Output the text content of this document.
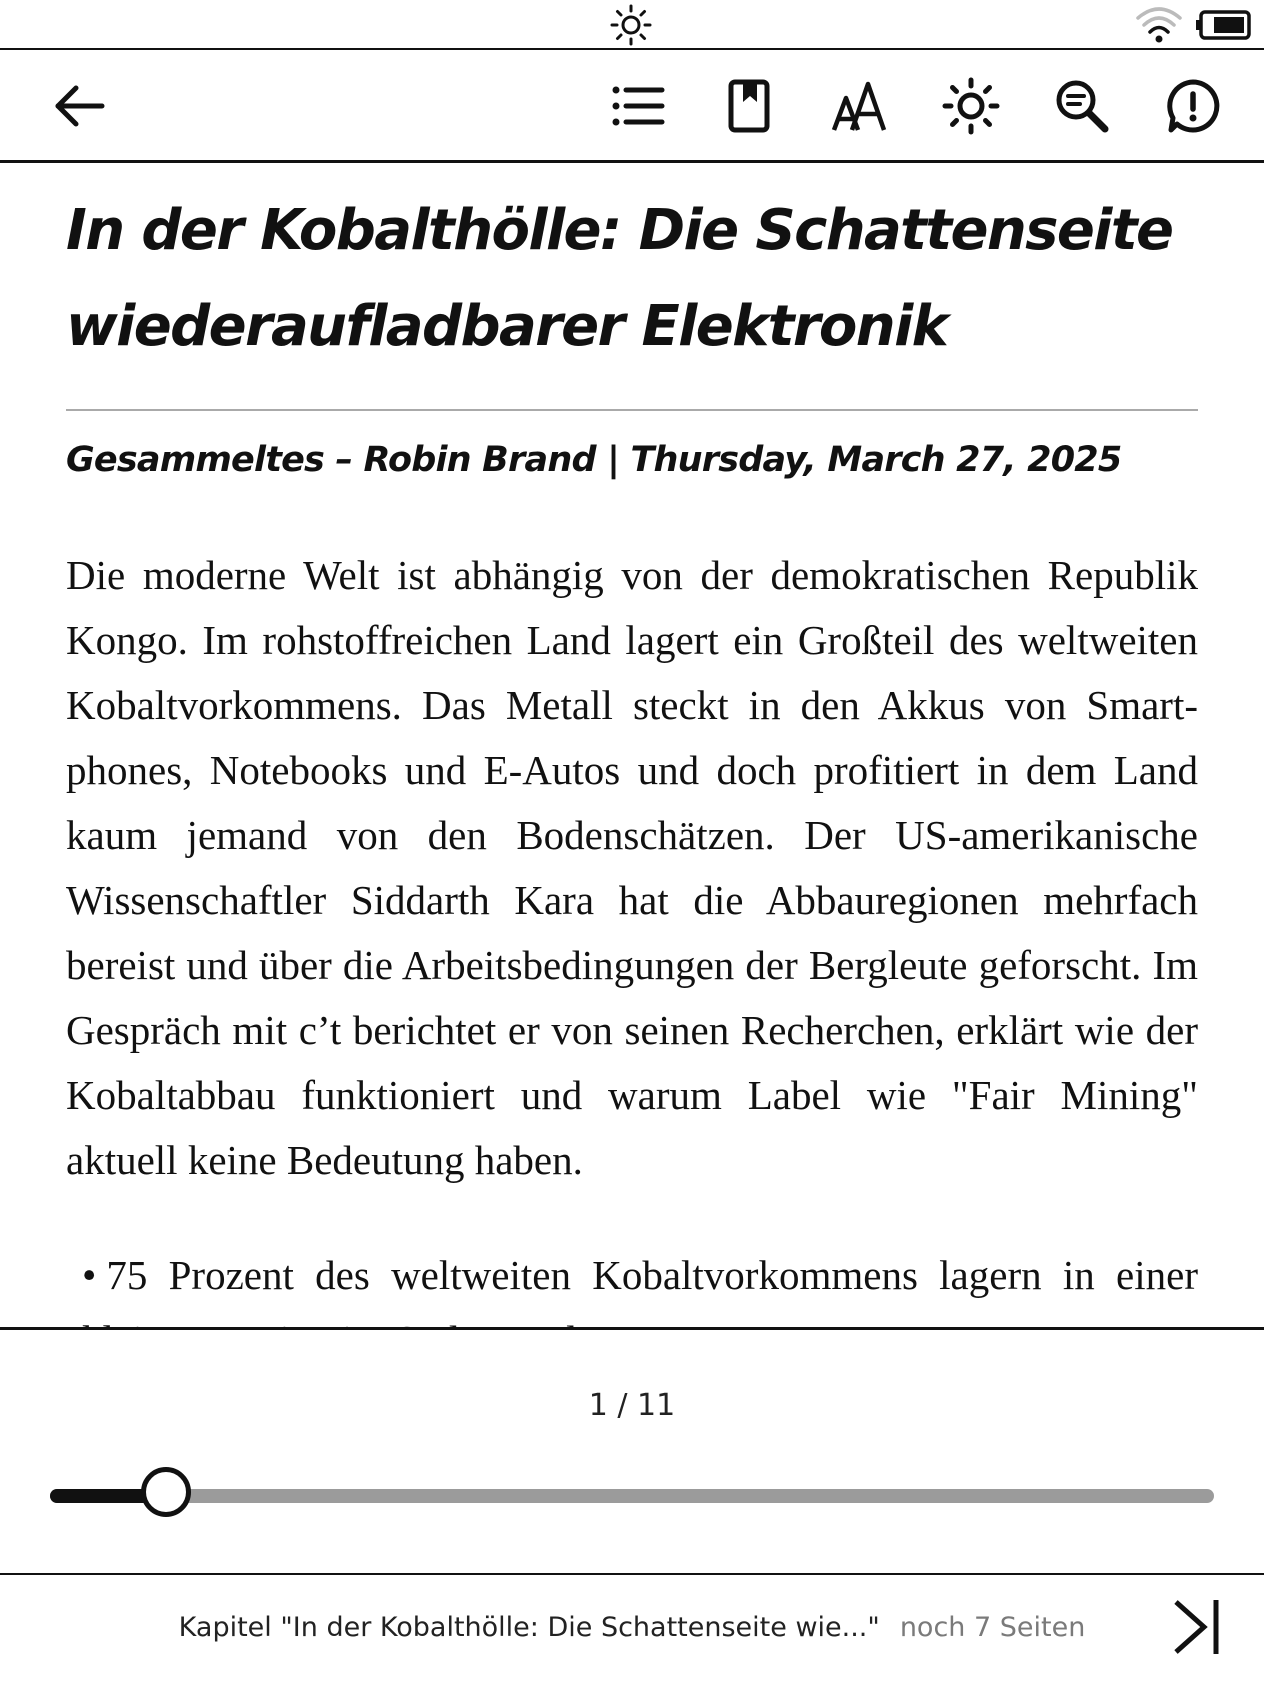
In der Kobalthölle: Die Schattenseite wiederaufladbarer Elektronik
Gesammeltes – Robin Brand | Thursday, March 27, 2025

Die moderne Welt ist abhängig von der demokratischen Republik Kongo. Im rohstoffreichen Land lagert ein Großteil des weltweiten Kobaltvorkommens. Das Metall steckt in den Akkus von Smartphones, Notebooks und E-Autos und doch profitiert in dem Land kaum jemand von den Bodenschätzen. Der US-amerikanische Wissenschaftler Siddarth Kara hat die Abbauregionen mehrfach bereist und über die Arbeitsbedingungen der Bergleute geforscht. Im Gespräch mit c’t berichtet er von seinen Recherchen, erklärt wie der Kobaltabbau funktioniert und warum Label wie "Fair Mining" aktuell keine Bedeutung haben.

• 75 Prozent des weltweiten Kobaltvorkommens lagern in einer
1 / 11
Kapitel "In der Kobalthölle: Die Schattenseite wie..." noch 7 Seiten
